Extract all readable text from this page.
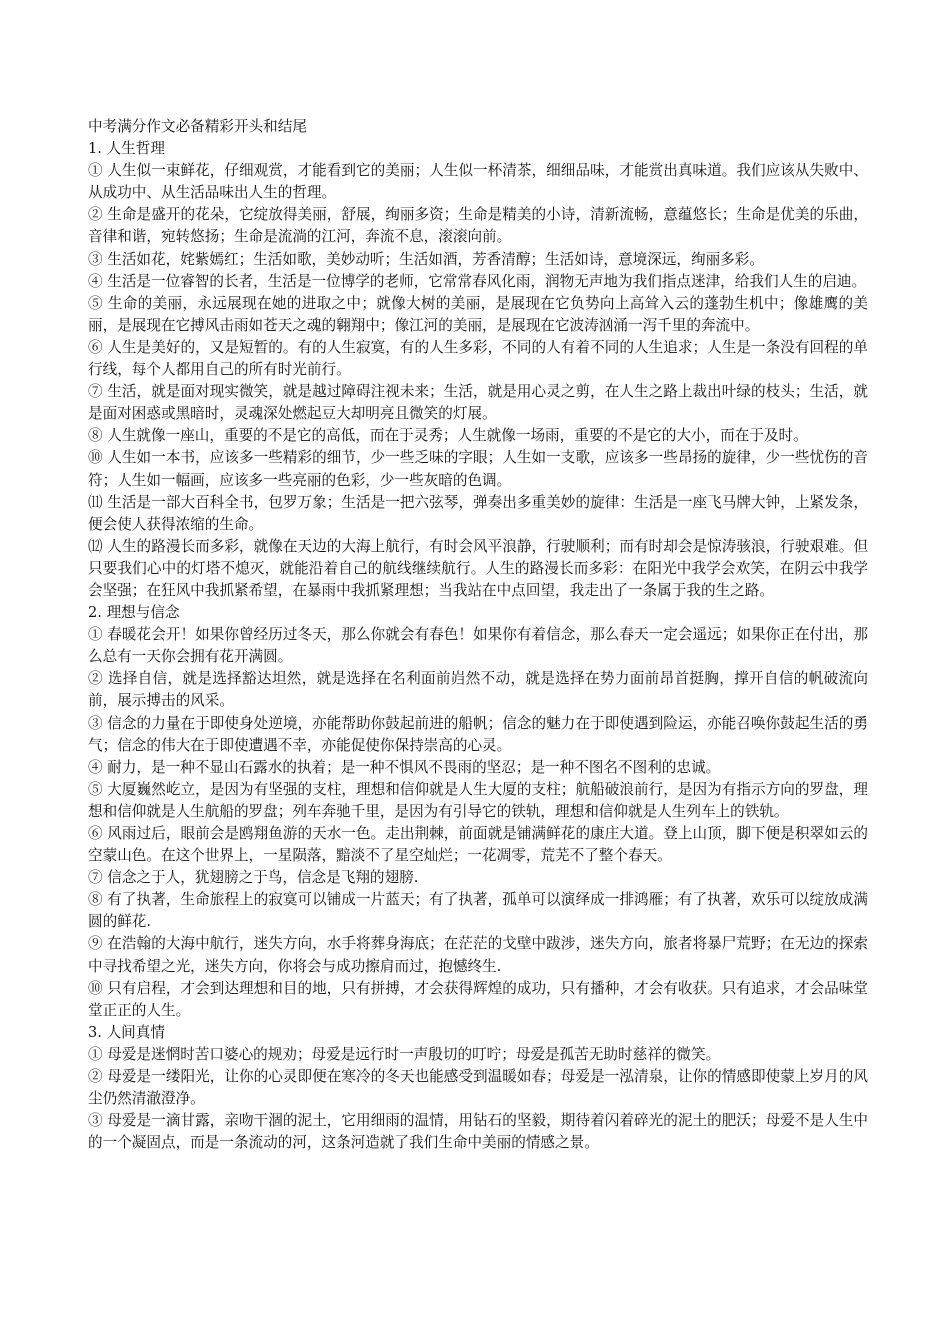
中考满分作文必备精彩开头和结尾

1. 人生哲理

① 人生似一束鲜花，仔细观赏，才能看到它的美丽；人生似一杯清茶，细细品味，才能赏出真味道。我们应该从失败中、从成功中、从生活品味出人生的哲理。

② 生命是盛开的花朵，它绽放得美丽，舒展，绚丽多资；生命是精美的小诗，清新流畅，意蕴悠长；生命是优美的乐曲，音律和谐，宛转悠扬；生命是流淌的江河，奔流不息，滚滚向前。

③ 生活如花，姹紫嫣红；生活如歌，美妙动听；生活如酒，芳香清醇；生活如诗，意境深远，绚丽多彩。

④ 生活是一位睿智的长者，生活是一位博学的老师，它常常春风化雨，润物无声地为我们指点迷津，给我们人生的启迪。

⑤ 生命的美丽，永远展现在她的进取之中；就像大树的美丽，是展现在它负势向上高耸入云的蓬勃生机中；像雄鹰的美丽，是展现在它搏风击雨如苍天之魂的翱翔中；像江河的美丽，是展现在它波涛汹涌一泻千里的奔流中。

⑥ 人生是美好的，又是短暂的。有的人生寂寞，有的人生多彩，不同的人有着不同的人生追求；人生是一条没有回程的单行线，每个人都用自己的所有时光前行。

⑦ 生活，就是面对现实微笑，就是越过障碍注视未来；生活，就是用心灵之剪，在人生之路上裁出叶绿的枝头；生活，就是面对困惑或黑暗时，灵魂深处燃起豆大却明亮且微笑的灯展。

⑧ 人生就像一座山，重要的不是它的高低，而在于灵秀；人生就像一场雨，重要的不是它的大小，而在于及时。

⑩ 人生如一本书，应该多一些精彩的细节，少一些乏味的字眼；人生如一支歌，应该多一些昂扬的旋律，少一些忧伤的音符；人生如一幅画，应该多一些亮丽的色彩，少一些灰暗的色调。

⑾ 生活是一部大百科全书，包罗万象；生活是一把六弦琴，弹奏出多重美妙的旋律：生活是一座飞马牌大钟，上紧发条，便会使人获得浓缩的生命。

⑿ 人生的路漫长而多彩，就像在天边的大海上航行，有时会风平浪静，行驶顺利；而有时却会是惊涛骇浪，行驶艰难。但只要我们心中的灯塔不熄灭，就能沿着自己的航线继续航行。人生的路漫长而多彩：在阳光中我学会欢笑，在阴云中我学会坚强；在狂风中我抓紧希望，在暴雨中我抓紧理想；当我站在中点回望，我走出了一条属于我的生之路。

2. 理想与信念

① 春暖花会开！如果你曾经历过冬天，那么你就会有春色！如果你有着信念，那么春天一定会遥远；如果你正在付出，那么总有一天你会拥有花开满圆。

② 选择自信，就是选择豁达坦然，就是选择在名利面前岿然不动，就是选择在势力面前昂首挺胸，撑开自信的帆破流向前，展示搏击的风采。

③ 信念的力量在于即使身处逆境，亦能帮助你鼓起前进的船帆；信念的魅力在于即使遇到险运，亦能召唤你鼓起生活的勇气；信念的伟大在于即使遭遇不幸，亦能促使你保持崇高的心灵。

④ 耐力，是一种不显山石露水的执着；是一种不惧风不畏雨的坚忍；是一种不图名不图利的忠诚。

⑤ 大厦巍然屹立，是因为有坚强的支柱，理想和信仰就是人生大厦的支柱；航船破浪前行，是因为有指示方向的罗盘，理想和信仰就是人生航船的罗盘；列车奔驰千里，是因为有引导它的铁轨，理想和信仰就是人生列车上的铁轨。

⑥ 风雨过后，眼前会是鸥翔鱼游的天水一色。走出荆棘，前面就是铺满鲜花的康庄大道。登上山顶，脚下便是积翠如云的空蒙山色。在这个世界上，一星陨落，黯淡不了星空灿烂；一花凋零，荒芜不了整个春天。

⑦ 信念之于人，犹翅膀之于鸟，信念是飞翔的翅膀.

⑧ 有了执著，生命旅程上的寂寞可以铺成一片蓝天；有了执著，孤单可以演绎成一排鸿雁；有了执著，欢乐可以绽放成满圆的鲜花.

⑨ 在浩翰的大海中航行，迷失方向，水手将葬身海底；在茫茫的戈壁中跋涉，迷失方向，旅者将暴尸荒野；在无边的探索中寻找希望之光，迷失方向，你将会与成功擦肩而过，抱憾终生.

⑩ 只有启程，才会到达理想和目的地，只有拼搏，才会获得辉煌的成功，只有播种，才会有收获。只有追求，才会品味堂堂正正的人生。

3. 人间真情

① 母爱是迷惘时苦口婆心的规劝；母爱是远行时一声殷切的叮咛；母爱是孤苦无助时慈祥的微笑。

② 母爱是一缕阳光，让你的心灵即便在寒冷的冬天也能感受到温暖如春；母爱是一泓清泉，让你的情感即使蒙上岁月的风尘仍然清澈澄净。

③ 母爱是一滴甘露，亲吻干涸的泥土，它用细雨的温情，用钻石的坚毅，期待着闪着碎光的泥土的肥沃；母爱不是人生中的一个凝固点，而是一条流动的河，这条河造就了我们生命中美丽的情感之景。
